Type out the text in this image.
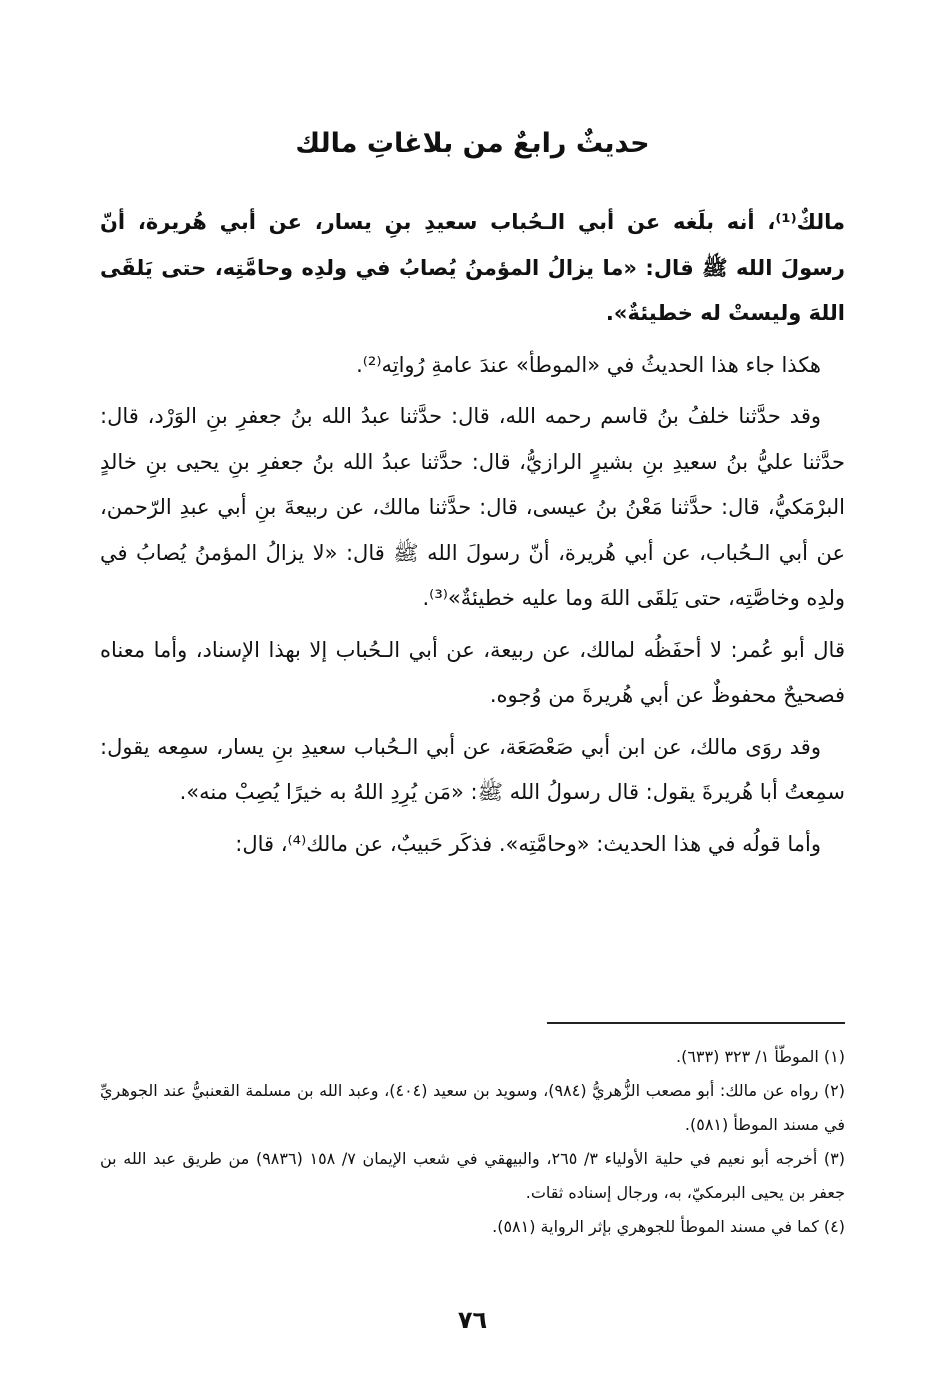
حديثٌ رابعٌ من بلاغاتِ مالك

مالكٌ⁽¹⁾، أنه بلَغه عن أبي الـحُباب سعيدِ بنِ يسار، عن أبي هُريرة، أنّ رسولَ الله ﷺ قال: «ما يزالُ المؤمنُ يُصابُ في ولدِه وحامَّتِه، حتى يَلقَى اللهَ وليستْ له خطيئةٌ».

هكذا جاء هذا الحديثُ في «الموطأ» عندَ عامةِ رُواتِه⁽²⁾.

وقد حدَّثنا خلفُ بنُ قاسم رحمه الله، قال: حدَّثنا عبدُ الله بنُ جعفرِ بنِ الوَرْد، قال: حدَّثنا عليُّ بنُ سعيدِ بنِ بشيرٍ الرازيُّ، قال: حدَّثنا عبدُ الله بنُ جعفرِ بنِ يحيى بنِ خالدٍ البرْمَكيُّ، قال: حدَّثنا مَعْنُ بنُ عيسى، قال: حدَّثنا مالك، عن ربيعةَ بنِ أبي عبدِ الرّحمن، عن أبي الـحُباب، عن أبي هُريرة، أنّ رسولَ الله ﷺ قال: «لا يزالُ المؤمنُ يُصابُ في ولدِه وخاصَّتِه، حتى يَلقَى اللهَ وما عليه خطيئةٌ»⁽³⁾.

قال أبو عُمر: لا أحفَظُه لمالك، عن ربيعة، عن أبي الـحُباب إلا بهذا الإسناد، وأما معناه فصحيحٌ محفوظٌ عن أبي هُريرةَ من وُجوه.

وقد روَى مالك، عن ابن أبي صَعْصَعَة، عن أبي الـحُباب سعيدِ بنِ يسار، سمِعه يقول: سمِعتُ أبا هُريرةَ يقول: قال رسولُ الله ﷺ: «مَن يُرِدِ اللهُ به خيرًا يُصِبْ منه».

وأما قولُه في هذا الحديث: «وحامَّتِه». فذكَر حَبيبٌ، عن مالك⁽⁴⁾، قال:

(١) الموطّأ ١/ ٣٢٣ (٦٣٣).

(٢) رواه عن مالك: أبو مصعب الزُّهريُّ (٩٨٤)، وسويد بن سعيد (٤٠٤)، وعبد الله بن مسلمة القعنبيُّ عند الجوهريِّ في مسند الموطأ (٥٨١).

(٣) أخرجه أبو نعيم في حلية الأولياء ٣/ ٢٦٥، والبيهقي في شعب الإيمان ٧/ ١٥٨ (٩٨٣٦) من طريق عبد الله بن جعفر بن يحيى البرمكيّ، به، ورجال إسناده ثقات.

(٤) كما في مسند الموطأ للجوهري بإثر الرواية (٥٨١).

٧٦
